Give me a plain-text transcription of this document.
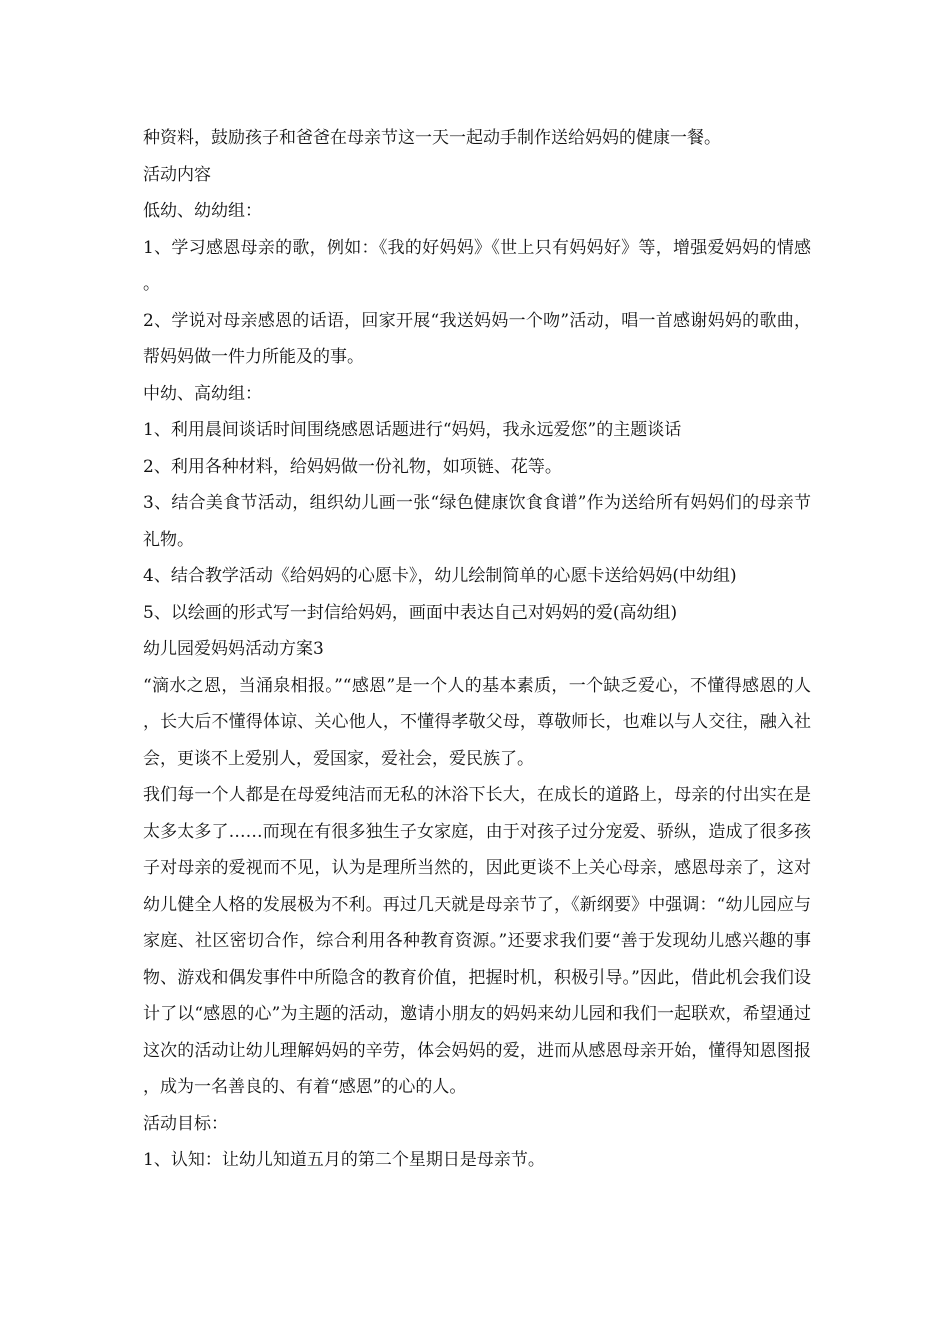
种资料，鼓励孩子和爸爸在母亲节这一天一起动手制作送给妈妈的健康一餐。

活动内容

低幼、幼幼组：

1、学习感恩母亲的歌，例如：《我的好妈妈》《世上只有妈妈好》等，增强爱妈妈的情感。

2、学说对母亲感恩的话语，回家开展“我送妈妈一个吻”活动，唱一首感谢妈妈的歌曲，帮妈妈做一件力所能及的事。

中幼、高幼组：

1、利用晨间谈话时间围绕感恩话题进行“妈妈，我永远爱您”的主题谈话

2、利用各种材料，给妈妈做一份礼物，如项链、花等。

3、结合美食节活动，组织幼儿画一张“绿色健康饮食食谱”作为送给所有妈妈们的母亲节礼物。

4、结合教学活动《给妈妈的心愿卡》，幼儿绘制简单的心愿卡送给妈妈(中幼组)

5、以绘画的形式写一封信给妈妈，画面中表达自己对妈妈的爱(高幼组)

幼儿园爱妈妈活动方案3

“滴水之恩，当涌泉相报。”“感恩”是一个人的基本素质，一个缺乏爱心，不懂得感恩的人，长大后不懂得体谅、关心他人，不懂得孝敬父母，尊敬师长，也难以与人交往，融入社会，更谈不上爱别人，爱国家，爱社会，爱民族了。

我们每一个人都是在母爱纯洁而无私的沐浴下长大，在成长的道路上，母亲的付出实在是太多太多了……而现在有很多独生子女家庭，由于对孩子过分宠爱、骄纵，造成了很多孩子对母亲的爱视而不见，认为是理所当然的，因此更谈不上关心母亲，感恩母亲了，这对幼儿健全人格的发展极为不利。再过几天就是母亲节了，《新纲要》中强调：“幼儿园应与家庭、社区密切合作，综合利用各种教育资源。”还要求我们要“善于发现幼儿感兴趣的事物、游戏和偶发事件中所隐含的教育价值，把握时机，积极引导。”因此，借此机会我们设计了以“感恩的心”为主题的活动，邀请小朋友的妈妈来幼儿园和我们一起联欢，希望通过这次的活动让幼儿理解妈妈的辛劳，体会妈妈的爱，进而从感恩母亲开始，懂得知恩图报，成为一名善良的、有着“感恩”的心的人。

活动目标：

1、认知：让幼儿知道五月的第二个星期日是母亲节。
